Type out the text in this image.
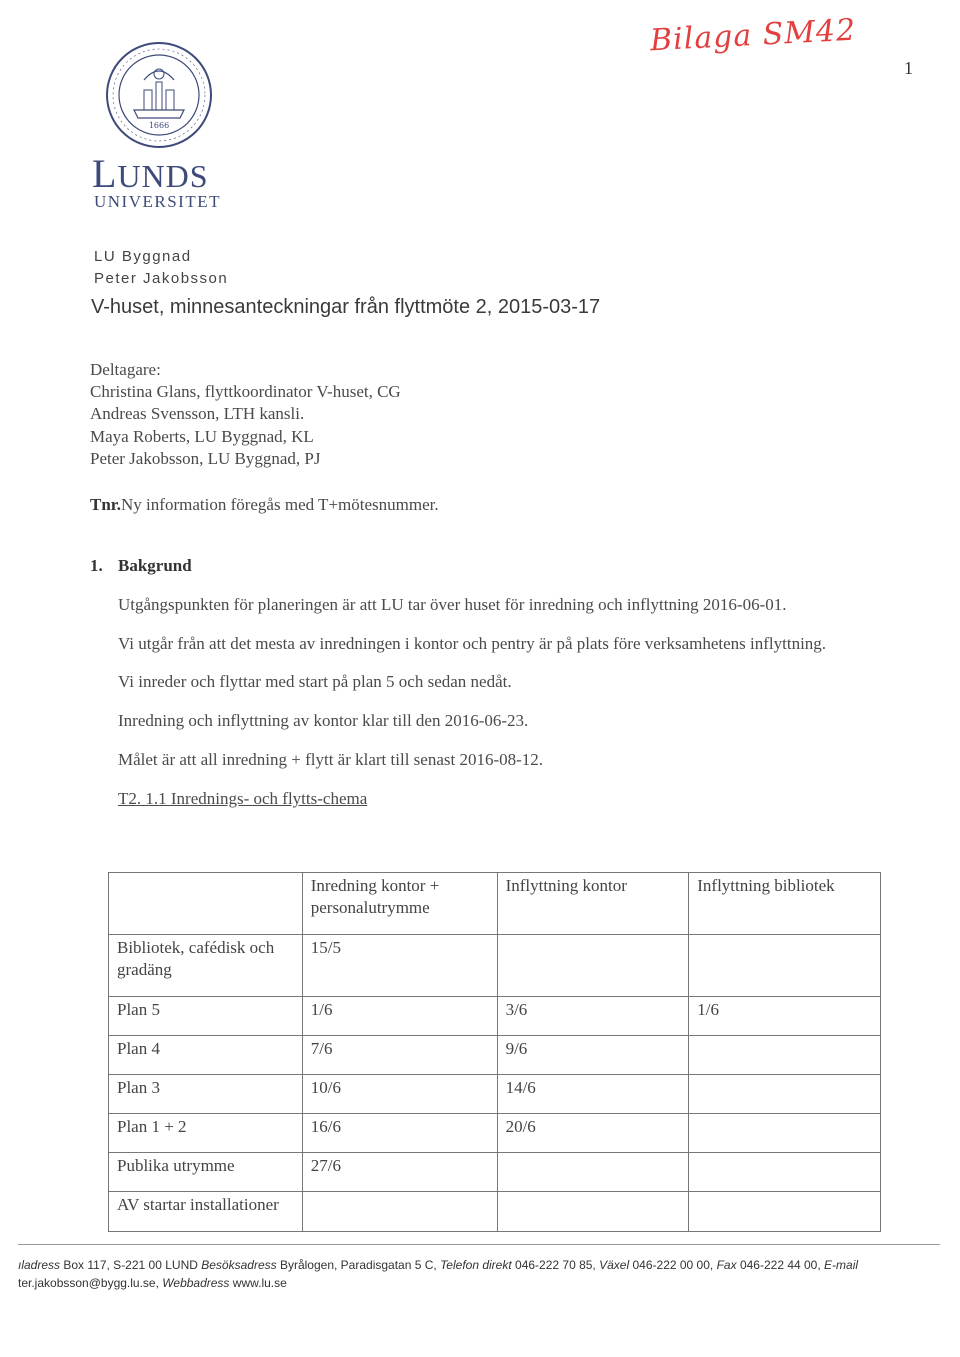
1
Bilaga SM42
1666
LUNDS
UNIVERSITET
LU Byggnad
Peter Jakobsson
V-huset, minnesanteckningar från flyttmöte 2, 2015-03-17
Deltagare:
Christina Glans, flyttkoordinator V-huset, CG
Andreas Svensson, LTH kansli.
Maya Roberts, LU Byggnad, KL
Peter Jakobsson, LU Byggnad, PJ
Tnr.Ny information föregås med T+mötesnummer.
1. Bakgrund
Utgångspunkten för planeringen är att LU tar över huset för inredning och inflyttning 2016-06-01.
Vi utgår från att det mesta av inredningen i kontor och pentry är på plats före verksamhetens inflyttning.
Vi inreder och flyttar med start på plan 5 och sedan nedåt.
Inredning och inflyttning av kontor klar till den 2016-06-23.
Målet är att all inredning + flytt är klart till senast 2016-08-12.
T2. 1.1 Inrednings- och flytts-chema
	Inredning kontor + personalutrymme	Inflyttning kontor	Inflyttning bibliotek
Bibliotek, cafédisk och gradäng	15/5		
Plan 5	1/6	3/6	1/6
Plan 4	7/6	9/6	
Plan 3	10/6	14/6	
Plan 1 + 2	16/6	20/6	
Publika utrymme	27/6		
AV startar installationer			
ıladress Box 117, S-221 00 LUND Besöksadress Byrålogen, Paradisgatan 5 C, Telefon direkt 046-222 70 85, Växel 046-222 00 00, Fax 046-222 44 00, E-mail
ter.jakobsson@bygg.lu.se, Webbadress www.lu.se
